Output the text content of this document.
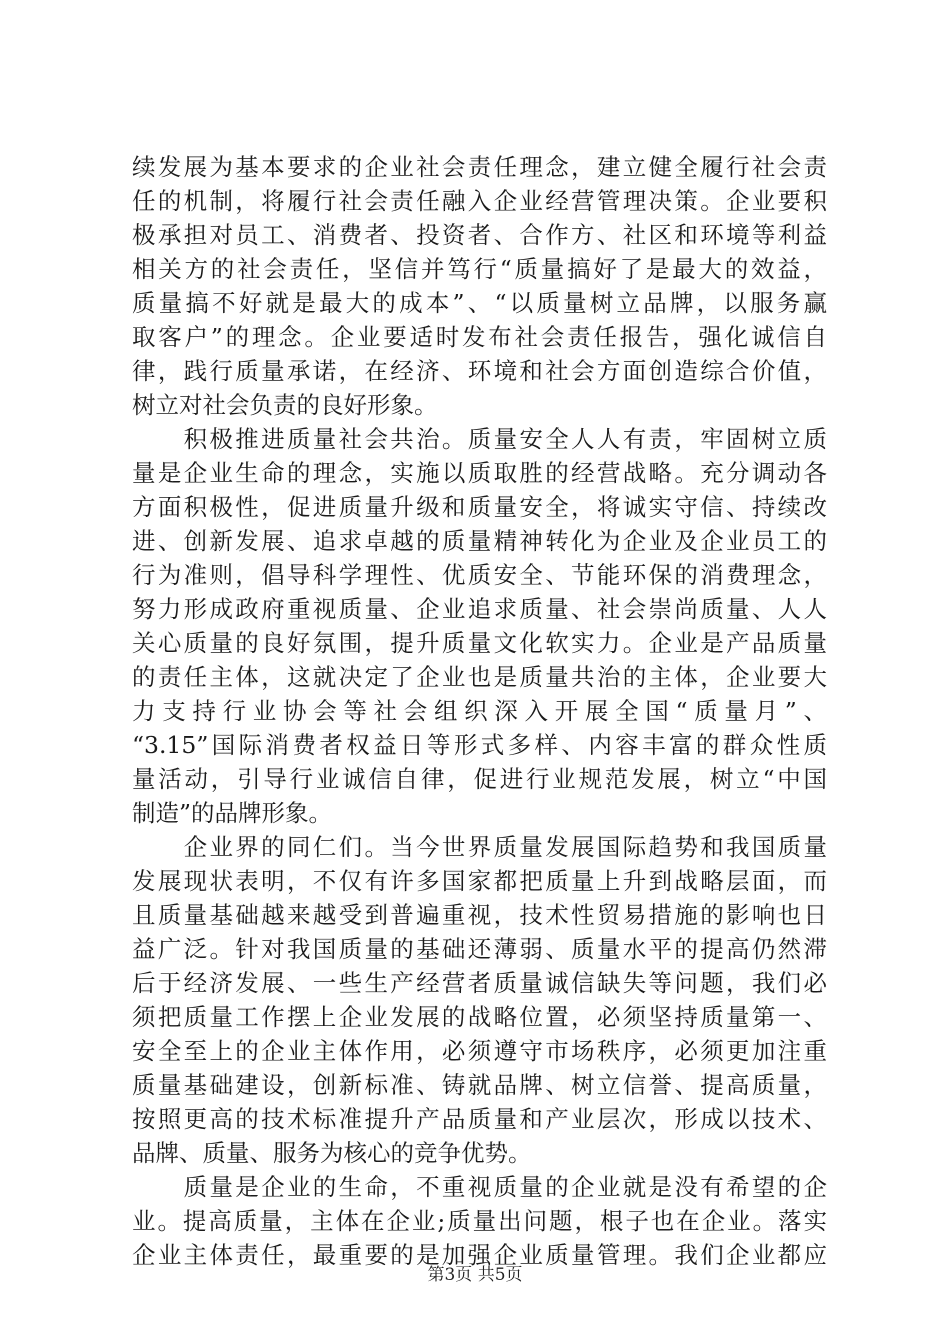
续发展为基本要求的企业社会责任理念，建立健全履行社会责
任的机制，将履行社会责任融入企业经营管理决策。企业要积
极承担对员工、消费者、投资者、合作方、社区和环境等利益
相关方的社会责任，坚信并笃行“质量搞好了是最大的效益，
质量搞不好就是最大的成本”、“以质量树立品牌，以服务赢
取客户”的理念。企业要适时发布社会责任报告，强化诚信自
律，践行质量承诺，在经济、环境和社会方面创造综合价值，
树立对社会负责的良好形象。
　　积极推进质量社会共治。质量安全人人有责，牢固树立质
量是企业生命的理念，实施以质取胜的经营战略。充分调动各
方面积极性，促进质量升级和质量安全，将诚实守信、持续改
进、创新发展、追求卓越的质量精神转化为企业及企业员工的
行为准则，倡导科学理性、优质安全、节能环保的消费理念，
努力形成政府重视质量、企业追求质量、社会崇尚质量、人人
关心质量的良好氛围，提升质量文化软实力。企业是产品质量
的责任主体，这就决定了企业也是质量共治的主体，企业要大
力支持行业协会等社会组织深入开展全国“质量月”、
“3.15”国际消费者权益日等形式多样、内容丰富的群众性质
量活动，引导行业诚信自律，促进行业规范发展，树立“中国
制造”的品牌形象。
　　企业界的同仁们。当今世界质量发展国际趋势和我国质量
发展现状表明，不仅有许多国家都把质量上升到战略层面，而
且质量基础越来越受到普遍重视，技术性贸易措施的影响也日
益广泛。针对我国质量的基础还薄弱、质量水平的提高仍然滞
后于经济发展、一些生产经营者质量诚信缺失等问题，我们必
须把质量工作摆上企业发展的战略位置，必须坚持质量第一、
安全至上的企业主体作用，必须遵守市场秩序，必须更加注重
质量基础建设，创新标准、铸就品牌、树立信誉、提高质量，
按照更高的技术标准提升产品质量和产业层次，形成以技术、
品牌、质量、服务为核心的竞争优势。
　　质量是企业的生命，不重视质量的企业就是没有希望的企
业。提高质量，主体在企业;质量出问题，根子也在企业。落实
企业主体责任，最重要的是加强企业质量管理。我们企业都应
第3页 共5页
